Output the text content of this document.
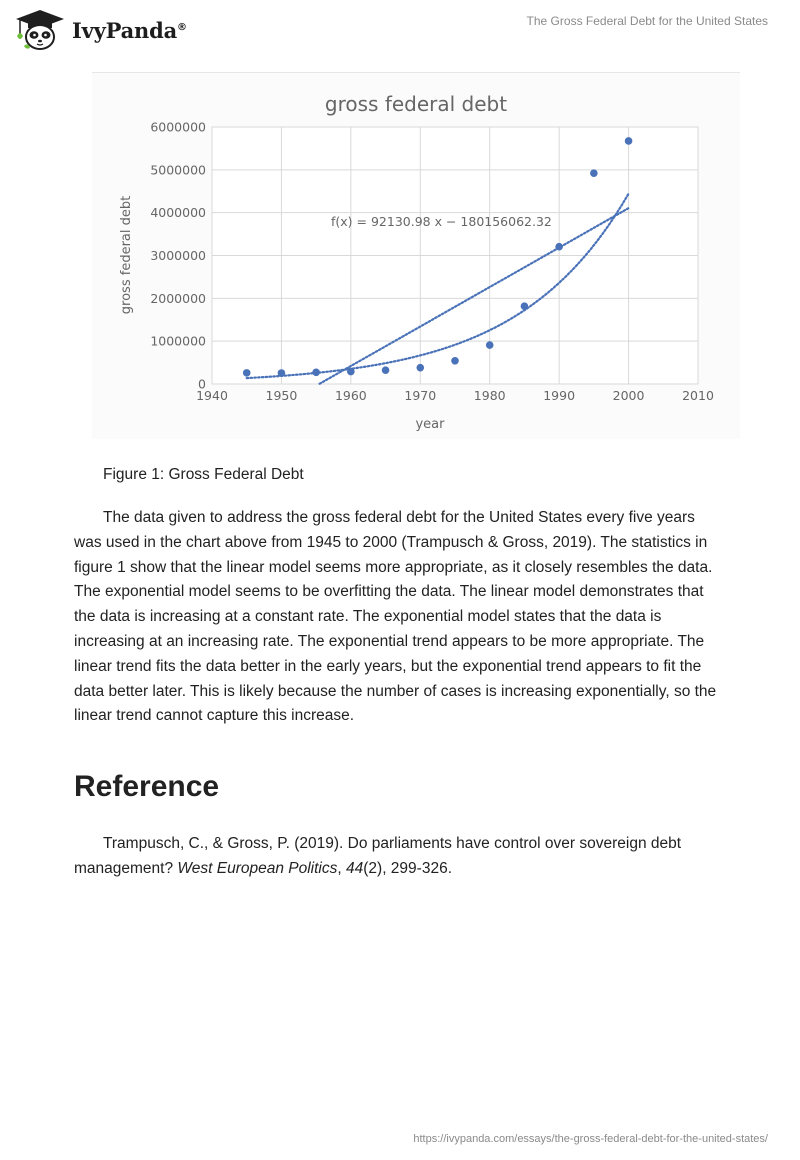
IvyPanda®	The Gross Federal Debt for the United States
1940	1950	1960	1970	1980	1990	2000	2010
0
1000000
2000000
3000000
4000000
5000000
6000000
gross federal debt
f(x) = 92130.98 x − 180156062.32
year
gross federal debt
Figure 1: Gross Federal Debt

The data given to address the gross federal debt for the United States every five years was used in the chart above from 1945 to 2000 (Trampusch & Gross, 2019). The statistics in figure 1 show that the linear model seems more appropriate, as it closely resembles the data. The exponential model seems to be overfitting the data. The linear model demonstrates that the data is increasing at a constant rate. The exponential model states that the data is increasing at an increasing rate. The exponential trend appears to be more appropriate. The linear trend fits the data better in the early years, but the exponential trend appears to fit the data better later. This is likely because the number of cases is increasing exponentially, so the linear trend cannot capture this increase.

Reference

Trampusch, C., & Gross, P. (2019). Do parliaments have control over sovereign debt management? West European Politics, 44(2), 299-326.

https://ivypanda.com/essays/the-gross-federal-debt-for-the-united-states/
